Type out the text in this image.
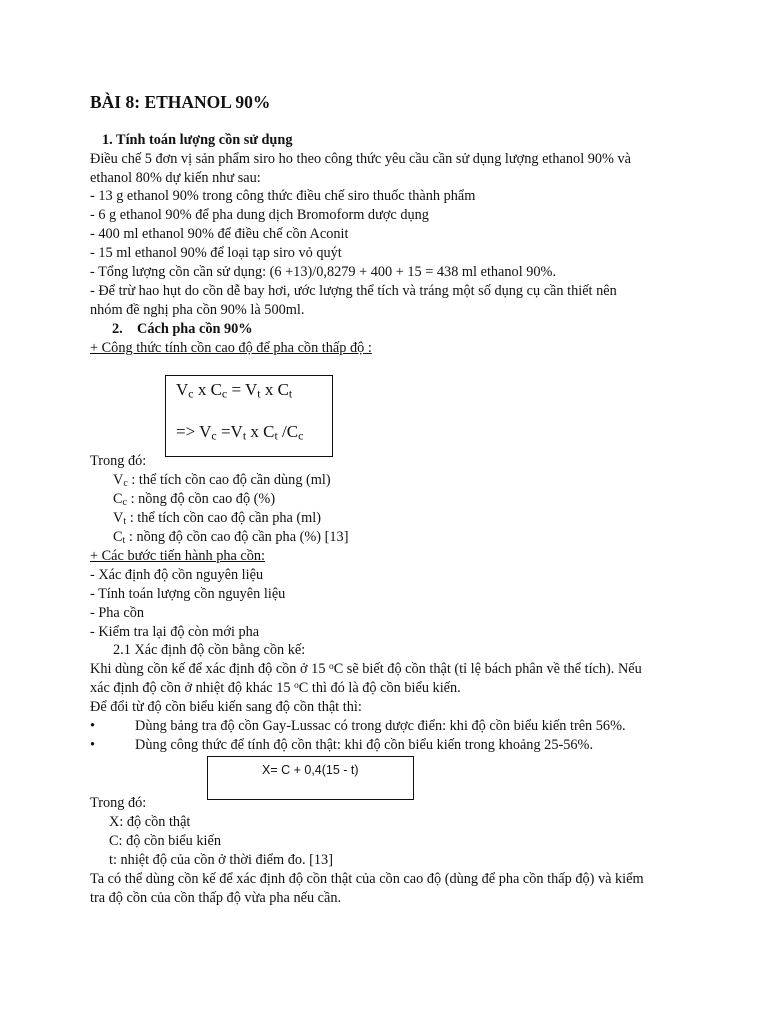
BÀI 8: ETHANOL 90%
1. Tính toán lượng cồn sử dụng
Điều chế 5 đơn vị sản phẩm siro ho theo công thức yêu cầu cần sử dụng lượng ethanol 90% và
ethanol 80% dự kiến như sau:
- 13 g ethanol 90% trong công thức điều chế siro thuốc thành phẩm
- 6 g ethanol 90% để pha dung dịch Bromoform dược dụng
- 400 ml ethanol 90% để điều chế cồn Aconit
- 15 ml ethanol 90% để loại tạp siro vỏ quýt
- Tổng lượng cồn cần sử dụng: (6 +13)/0,8279 + 400 + 15 = 438 ml ethanol 90%.
- Để trừ hao hụt do cồn dễ bay hơi, ước lượng thể tích và tráng một số dụng cụ cần thiết nên
nhóm đề nghị pha cồn 90% là 500ml.
2. Cách pha cồn 90%
+ Công thức tính cồn cao độ để pha cồn thấp độ :
$V_c$ x $C_c = V_t$ x $C_t$
=> $V_c =V_t$ x $C_t$ $/C_c$
Trong đó:
$V_c$ : thể tích cồn cao độ cần dùng (ml)
$C_c$ : nồng độ cồn cao độ (%)
$V_t$ : thể tích cồn cao độ cần pha (ml)
$C_t$ : nồng độ cồn cao độ cần pha (%) [13]
+ Các bước tiến hành pha cồn:
- Xác định độ cồn nguyên liệu
- Tính toán lượng cồn nguyên liệu
- Pha cồn
- Kiểm tra lại độ còn mới pha
2.1 Xác định độ cồn bằng cồn kế:
Khi dùng cồn kế để xác định độ cồn ở 15 $^o$C sẽ biết độ cồn thật (tỉ lệ bách phân về thể tích). Nếu
xác định độ cồn ở nhiệt độ khác 15 $^o$C thì đó là độ cồn biểu kiến.
Để đổi từ độ cồn biểu kiến sang độ cồn thật thì:
•	Dùng bảng tra độ cồn Gay-Lussac có trong dược điển: khi độ cồn biểu kiến trên 56%.
•	Dùng công thức để tính độ cồn thật: khi độ cồn biểu kiến trong khoảng 25-56%.
X= C + 0,4(15 - t)
Trong đó:
X: độ cồn thật
C: độ cồn biểu kiến
t: nhiệt độ của cồn ở thời điểm đo. [13]
Ta có thể dùng cồn kế để xác định độ cồn thật của cồn cao độ (dùng để pha cồn thấp độ) và kiểm
tra độ cồn của cồn thấp độ vừa pha nếu cần.
